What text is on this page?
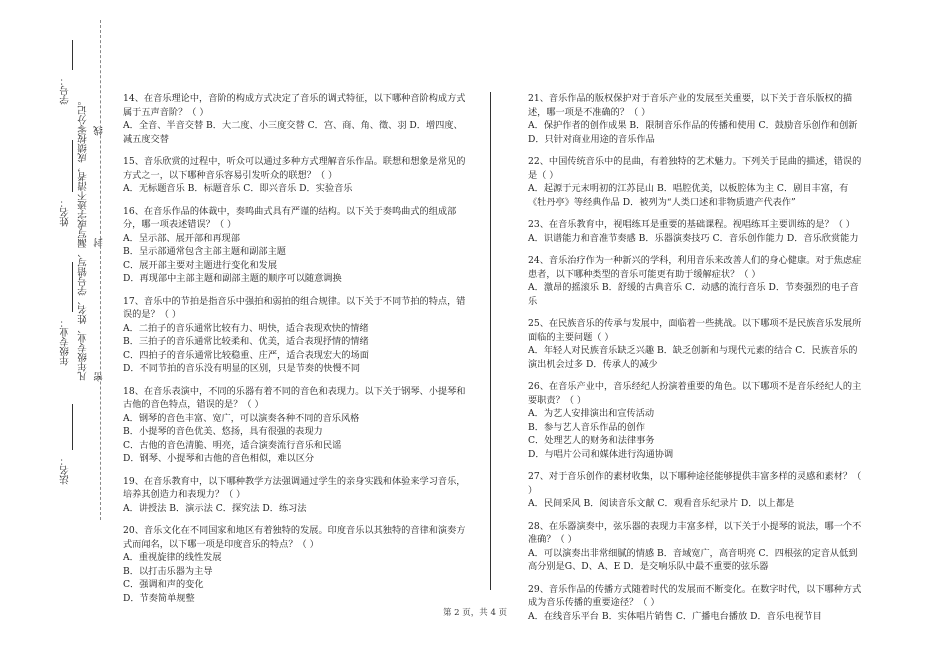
学号：
姓名：
年级专业：
法名：
凡年级专业、姓名、学号错写、漏写或字迹不清者，成绩按零分记。 密
封
线
14、在音乐理论中，音阶的构成方式决定了音乐的调式特征，以下哪种音阶构成方式属于五声音阶？（ ）
A．全音、半音交替 B．大二度、小三度交替 C．宫、商、角、徵、羽 D．增四度、减五度交替
15、音乐欣赏的过程中，听众可以通过多种方式理解音乐作品。联想和想象是常见的方式之一，以下哪种音乐容易引发听众的联想？（ ）
A．无标题音乐 B．标题音乐 C．即兴音乐 D．实验音乐
16、在音乐作品的体裁中，奏鸣曲式具有严谨的结构。以下关于奏鸣曲式的组成部分，哪一项表述错误？（ ）
A．呈示部、展开部和再现部
B．呈示部通常包含主部主题和副部主题
C．展开部主要对主题进行变化和发展
D．再现部中主部主题和副部主题的顺序可以随意调换
17、音乐中的节拍是指音乐中强拍和弱拍的组合规律。以下关于不同节拍的特点，错误的是？（ ）
A．二拍子的音乐通常比较有力、明快，适合表现欢快的情绪
B．三拍子的音乐通常比较柔和、优美，适合表现抒情的情绪
C．四拍子的音乐通常比较稳重、庄严，适合表现宏大的场面
D．不同节拍的音乐没有明显的区别，只是节奏的快慢不同
18、在音乐表演中，不同的乐器有着不同的音色和表现力。以下关于钢琴、小提琴和古他的音色特点，错误的是？（ ）
A．钢琴的音色丰富、宽广，可以演奏各种不同的音乐风格
B．小提琴的音色优美、悠扬，具有很强的表现力
C．古他的音色清脆、明亮，适合演奏流行音乐和民谣
D．钢琴、小提琴和古他的音色相似，难以区分
19、在音乐教育中，以下哪种教学方法强调通过学生的亲身实践和体验来学习音乐，培养其创造力和表现力？（ ）
A．讲授法 B．演示法 C．探究法 D．练习法
20、音乐文化在不同国家和地区有着独特的发展。印度音乐以其独特的音律和演奏方式而闻名，以下哪一项是印度音乐的特点？（ ）
A．重视旋律的线性发展
B．以打击乐器为主导
C．强调和声的变化
D．节奏简单规整
21、音乐作品的版权保护对于音乐产业的发展至关重要，以下关于音乐版权的描述，哪一项是不准确的？（ ）
A．保护作者的创作成果 B．限制音乐作品的传播和使用 C．鼓励音乐创作和创新 D．只针对商业用途的音乐作品
22、中国传统音乐中的昆曲，有着独特的艺术魅力。下列关于昆曲的描述，错误的是（ ）
A．起源于元末明初的江苏昆山 B．唱腔优美，以板腔体为主 C．剧目丰富，有《牡丹亭》等经典作品 D．被列为“人类口述和非物质遗产代表作”
23、在音乐教育中，视唱练耳是重要的基础课程。视唱练耳主要训练的是？（ ）
A．识谱能力和音准节奏感 B．乐器演奏技巧 C．音乐创作能力 D．音乐欣赏能力
24、音乐治疗作为一种新兴的学科，利用音乐来改善人们的身心健康。对于焦虑症患者，以下哪种类型的音乐可能更有助于缓解症状？（ ）
A．激昂的摇滚乐 B．舒缓的古典音乐 C．动感的流行音乐 D．节奏强烈的电子音乐
25、在民族音乐的传承与发展中，面临着一些挑战。以下哪项不是民族音乐发展所面临的主要问题（ ）
A．年轻人对民族音乐缺乏兴趣 B．缺乏创新和与现代元素的结合 C．民族音乐的演出机会过多 D．传承人的减少
26、在音乐产业中，音乐经纪人扮演着重要的角色。以下哪项不是音乐经纪人的主要职责？（ ）
A．为艺人安排演出和宣传活动
B．参与艺人音乐作品的创作
C．处理艺人的财务和法律事务
D．与唱片公司和媒体进行沟通协调
27、对于音乐创作的素材收集，以下哪种途径能够提供丰富多样的灵感和素材？（ ）
A．民间采风 B．阅读音乐文献 C．观看音乐纪录片 D．以上都是
28、在乐器演奏中，弦乐器的表现力丰富多样，以下关于小提琴的说法，哪一个不准确？（ ）
A．可以演奏出非常细腻的情感 B．音域宽广，高音明亮 C．四根弦的定音从低到高分别是G、D、A、E D．是交响乐队中最不重要的弦乐器
29、音乐作品的传播方式随着时代的发展而不断变化。在数字时代，以下哪种方式成为音乐传播的重要途径？（ ）
A．在线音乐平台 B．实体唱片销售 C．广播电台播放 D．音乐电视节目
第 2 页，共 4 页
